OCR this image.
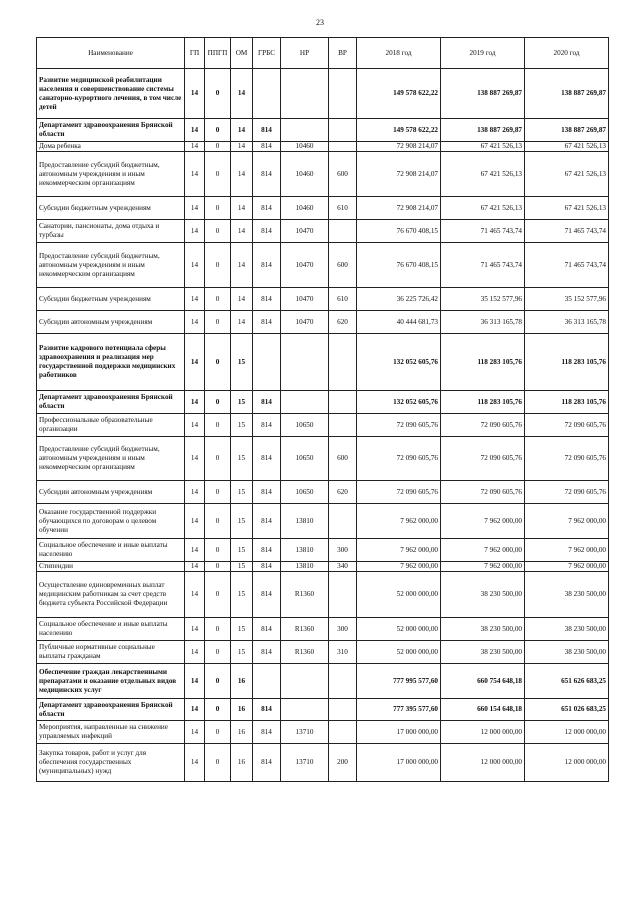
23
Наименование	ГП	ППГП	ОМ	ГРБС	НР	ВР	2018 год	2019 год	2020 год
Развитие медицинской реабилитации населения и совершенствование системы санаторно-курортного лечения, в том числе детей	14	0	14				149 578 622,22	138 887 269,87	138 887 269,87
Департамент здравоохранения Брянской области	14	0	14	814			149 578 622,22	138 887 269,87	138 887 269,87
Дома ребенка	14	0	14	814	10460		72 908 214,07	67 421 526,13	67 421 526,13
Предоставление субсидий бюджетным, автономным учреждениям и иным некоммерческим организациям	14	0	14	814	10460	600	72 908 214,07	67 421 526,13	67 421 526,13
Субсидии бюджетным учреждениям	14	0	14	814	10460	610	72 908 214,07	67 421 526,13	67 421 526,13
Санатории, пансионаты, дома отдыха и турбазы	14	0	14	814	10470		76 670 408,15	71 465 743,74	71 465 743,74
Предоставление субсидий бюджетным, автономным учреждениям и иным некоммерческим организациям	14	0	14	814	10470	600	76 670 408,15	71 465 743,74	71 465 743,74
Субсидии бюджетным учреждениям	14	0	14	814	10470	610	36 225 726,42	35 152 577,96	35 152 577,96
Субсидии автономным учреждениям	14	0	14	814	10470	620	40 444 681,73	36 313 165,78	36 313 165,78
Развитие кадрового потенциала сферы здравоохранения и реализация мер государственной поддержки медицинских работников	14	0	15				132 052 605,76	118 283 105,76	118 283 105,76
Департамент здравоохранения Брянской области	14	0	15	814			132 052 605,76	118 283 105,76	118 283 105,76
Профессиональные образовательные организации	14	0	15	814	10650		72 090 605,76	72 090 605,76	72 090 605,76
Предоставление субсидий бюджетным, автономным учреждениям и иным некоммерческим организациям	14	0	15	814	10650	600	72 090 605,76	72 090 605,76	72 090 605,76
Субсидии автономным учреждениям	14	0	15	814	10650	620	72 090 605,76	72 090 605,76	72 090 605,76
Оказание государственной поддержки обучающихся по договорам о целевом обучении	14	0	15	814	13810		7 962 000,00	7 962 000,00	7 962 000,00
Социальное обеспечение и иные выплаты населению	14	0	15	814	13810	300	7 962 000,00	7 962 000,00	7 962 000,00
Стипендии	14	0	15	814	13810	340	7 962 000,00	7 962 000,00	7 962 000,00
Осуществление единовременных выплат медицинским работникам за счет средств бюджета субъекта Российской Федерации	14	0	15	814	R1360		52 000 000,00	38 230 500,00	38 230 500,00
Социальное обеспечение и иные выплаты населению	14	0	15	814	R1360	300	52 000 000,00	38 230 500,00	38 230 500,00
Публичные нормативные социальные выплаты гражданам	14	0	15	814	R1360	310	52 000 000,00	38 230 500,00	38 230 500,00
Обеспечение граждан лекарственными препаратами и оказание отдельных видов медицинских услуг	14	0	16				777 995 577,60	660 754 648,18	651 626 683,25
Департамент здравоохранения Брянской области	14	0	16	814			777 395 577,60	660 154 648,18	651 026 683,25
Мероприятия, направленные на снижение управляемых инфекций	14	0	16	814	13710		17 000 000,00	12 000 000,00	12 000 000,00
Закупка товаров, работ и услуг для обеспечения государственных (муниципальных) нужд	14	0	16	814	13710	200	17 000 000,00	12 000 000,00	12 000 000,00
